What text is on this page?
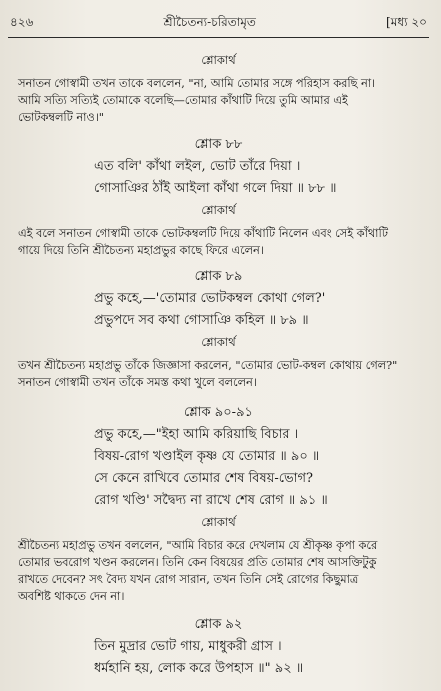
৪২৬	শ্রীচৈতন্য-চরিতামৃত	[মধ্য ২০

শ্লোকার্থ

সনাতন গোস্বামী তখন তাকে বললেন, "না, আমি তোমার সঙ্গে পরিহাস করছি না।

আমি সত্যি সত্যিই তোমাকে বলেছি—তোমার কাঁথাটি দিয়ে তুমি আমার এই

ভোটকম্বলটি নাও।"

শ্লোক ৮৮

এত বলি' কাঁথা লইল, ভোট তাঁরে দিয়া ।

গোসাঞির ঠাঁই আইলা কাঁথা গলে দিয়া ॥ ৮৮ ॥

শ্লোকার্থ

এই বলে সনাতন গোস্বামী তাকে ভোটকম্বলটি দিয়ে কাঁথাটি নিলেন এবং সেই কাঁথাটি

গায়ে দিয়ে তিনি শ্রীচৈতন্য মহাপ্রভুর কাছে ফিরে এলেন।

শ্লোক ৮৯

প্রভু কহে,—'তোমার ভোটকম্বল কোথা গেল?'

প্রভুপদে সব কথা গোসাঞি কহিল ॥ ৮৯ ॥

শ্লোকার্থ

তখন শ্রীচৈতন্য মহাপ্রভু তাঁকে জিজ্ঞাসা করলেন, "তোমার ভোট-কম্বল কোথায় গেল?"

সনাতন গোস্বামী তখন তাঁকে সমস্ত কথা খুলে বললেন।

শ্লোক ৯০-৯১

প্রভু কহে,—"ইহা আমি করিয়াছি বিচার ।

বিষয়-রোগ খণ্ডাইল কৃষ্ণ যে তোমার ॥ ৯০ ॥

সে কেনে রাখিবে তোমার শেষ বিষয়-ভোগ?

রোগ খণ্ডি' সদ্বৈদ্য না রাখে শেষ রোগ ॥ ৯১ ॥

শ্লোকার্থ

শ্রীচৈতন্য মহাপ্রভু তখন বললেন, "আমি বিচার করে দেখলাম যে শ্রীকৃষ্ণ কৃপা করে

তোমার ভবরোগ খণ্ডন করলেন। তিনি কেন বিষয়ের প্রতি তোমার শেষ আসক্তিটুকু

রাখতে দেবেন? সৎ বৈদ্য যখন রোগ সারান, তখন তিনি সেই রোগের কিছুমাত্র

অবশিষ্ট থাকতে দেন না।

শ্লোক ৯২

তিন মুদ্রার ভোট গায়, মাধুকরী গ্রাস ।

ধর্মহানি হয়, লোক করে উপহাস ॥" ৯২ ॥
